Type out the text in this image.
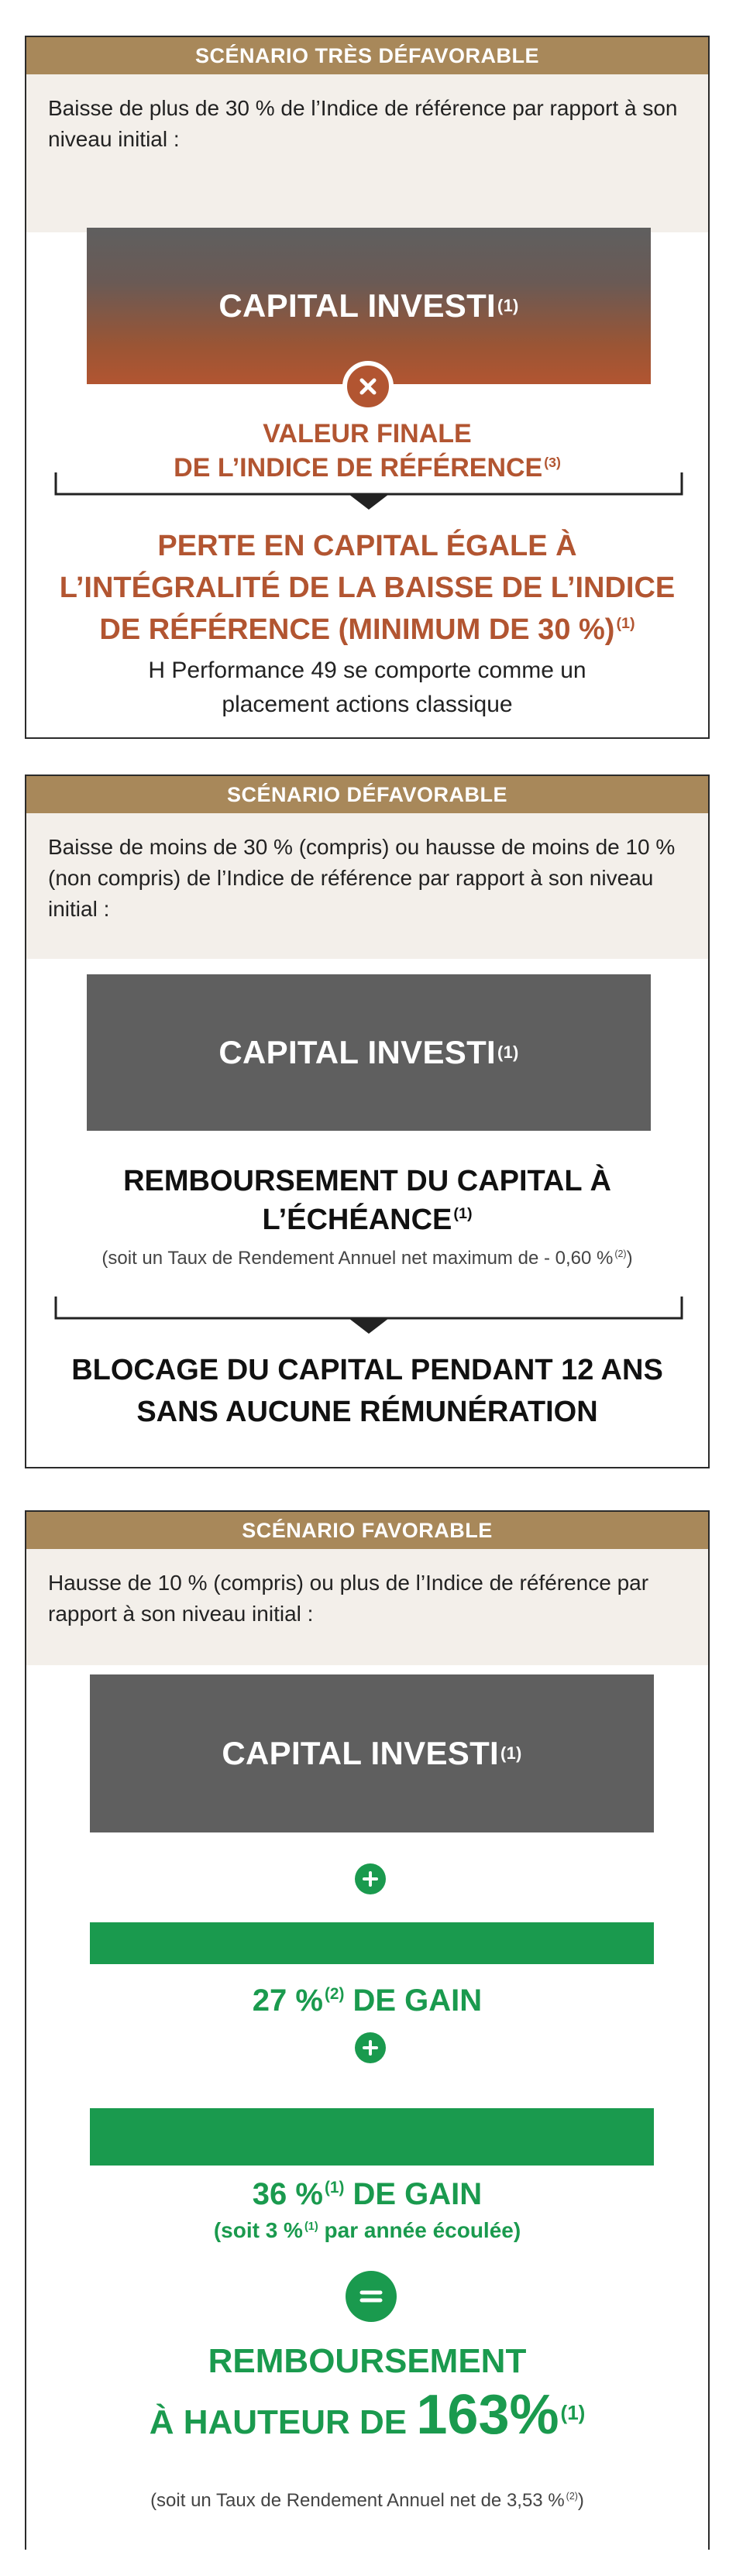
SCÉNARIO TRÈS DÉFAVORABLE
Baisse de plus de 30 % de l’Indice de référence par rapport à son niveau initial :
CAPITAL INVESTI (1)
VALEUR FINALE
DE L’INDICE DE RÉFÉRENCE $^{(3)}$
PERTE EN CAPITAL ÉGALE À
L’INTÉGRALITÉ DE LA BAISSE DE L’INDICE
DE RÉFÉRENCE (MINIMUM DE 30 %) $^{(1)}$
H Performance 49 se comporte comme un
placement actions classique
SCÉNARIO DÉFAVORABLE
Baisse de moins de 30 % (compris) ou hausse de moins de 10 % (non compris) de l’Indice de référence par rapport à son niveau initial :
CAPITAL INVESTI (1)
REMBOURSEMENT DU CAPITAL À
L’ÉCHÉANCE $^{(1)}$
(soit un Taux de Rendement Annuel net maximum de - 0,60 % $^{(2)}$)
BLOCAGE DU CAPITAL PENDANT 12 ANS
SANS AUCUNE RÉMUNÉRATION
SCÉNARIO FAVORABLE
Hausse de 10 % (compris) ou plus de l’Indice de référence par rapport à son niveau initial :
CAPITAL INVESTI (1)
27 %$^{(2)}$ DE GAIN
36 %$^{(1)}$ DE GAIN
(soit 3 % $^{(1)}$ par année écoulée)
REMBOURSEMENT
À HAUTEUR DE 163%$^{(1)}$
(soit un Taux de Rendement Annuel net de 3,53 % $^{(2)}$)
